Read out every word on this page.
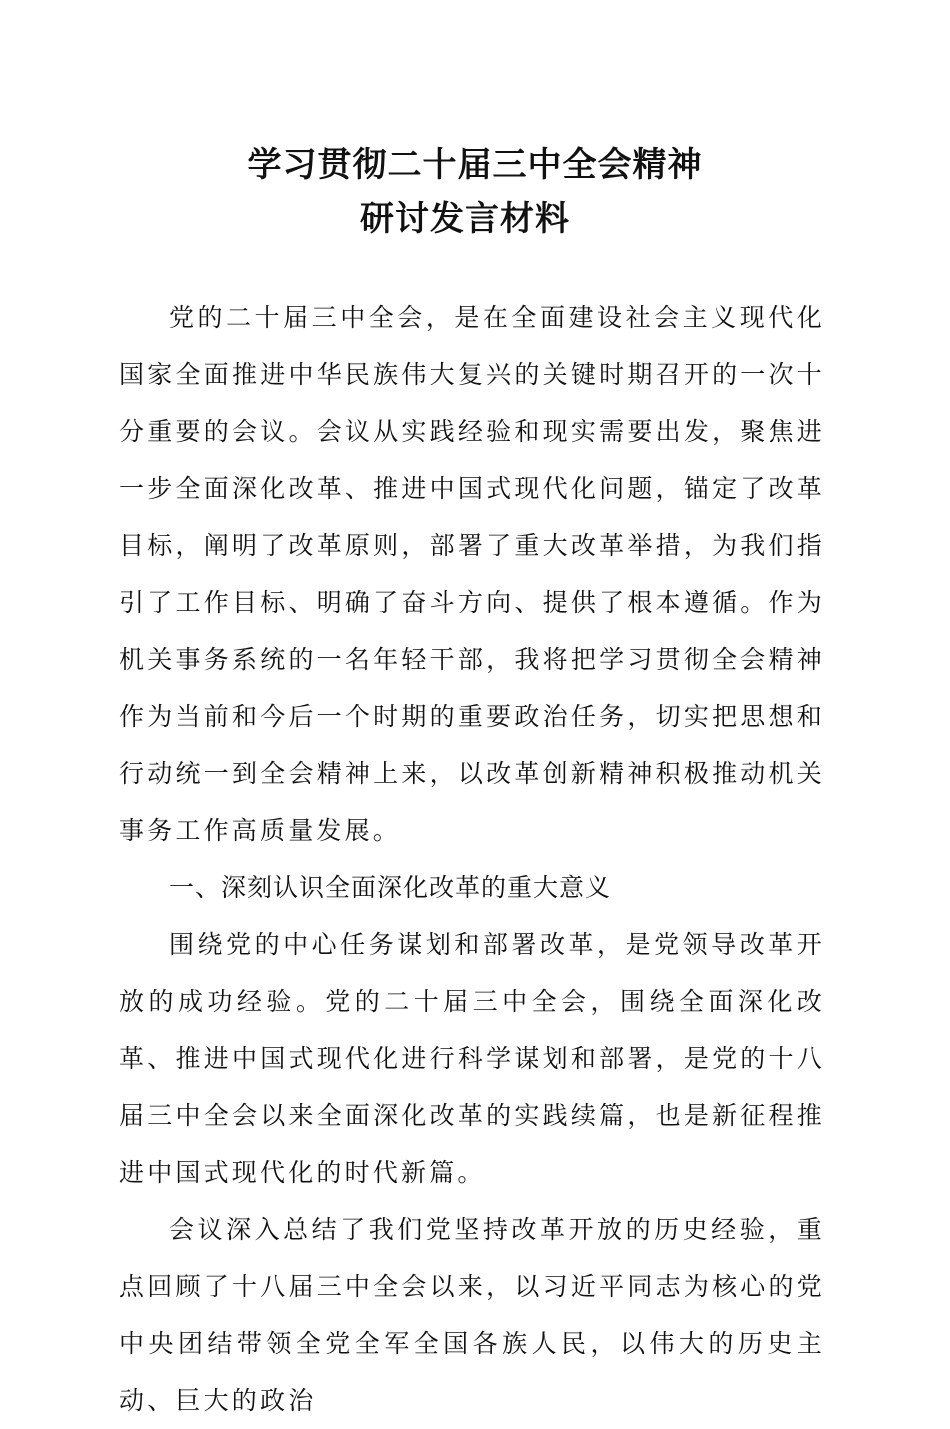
学习贯彻二十届三中全会精神
研讨发言材料

党的二十届三中全会，是在全面建设社会主义现代化国家全面推进中华民族伟大复兴的关键时期召开的一次十分重要的会议。会议从实践经验和现实需要出发，聚焦进一步全面深化改革、推进中国式现代化问题，锚定了改革目标，阐明了改革原则，部署了重大改革举措，为我们指引了工作目标、明确了奋斗方向、提供了根本遵循。作为机关事务系统的一名年轻干部，我将把学习贯彻全会精神作为当前和今后一个时期的重要政治任务，切实把思想和行动统一到全会精神上来，以改革创新精神积极推动机关事务工作高质量发展。

一、深刻认识全面深化改革的重大意义

围绕党的中心任务谋划和部署改革，是党领导改革开放的成功经验。党的二十届三中全会，围绕全面深化改革、推进中国式现代化进行科学谋划和部署，是党的十八届三中全会以来全面深化改革的实践续篇，也是新征程推进中国式现代化的时代新篇。

会议深入总结了我们党坚持改革开放的历史经验，重点回顾了十八届三中全会以来，以习近平同志为核心的党中央团结带领全党全军全国各族人民，以伟大的历史主动、巨大的政治
